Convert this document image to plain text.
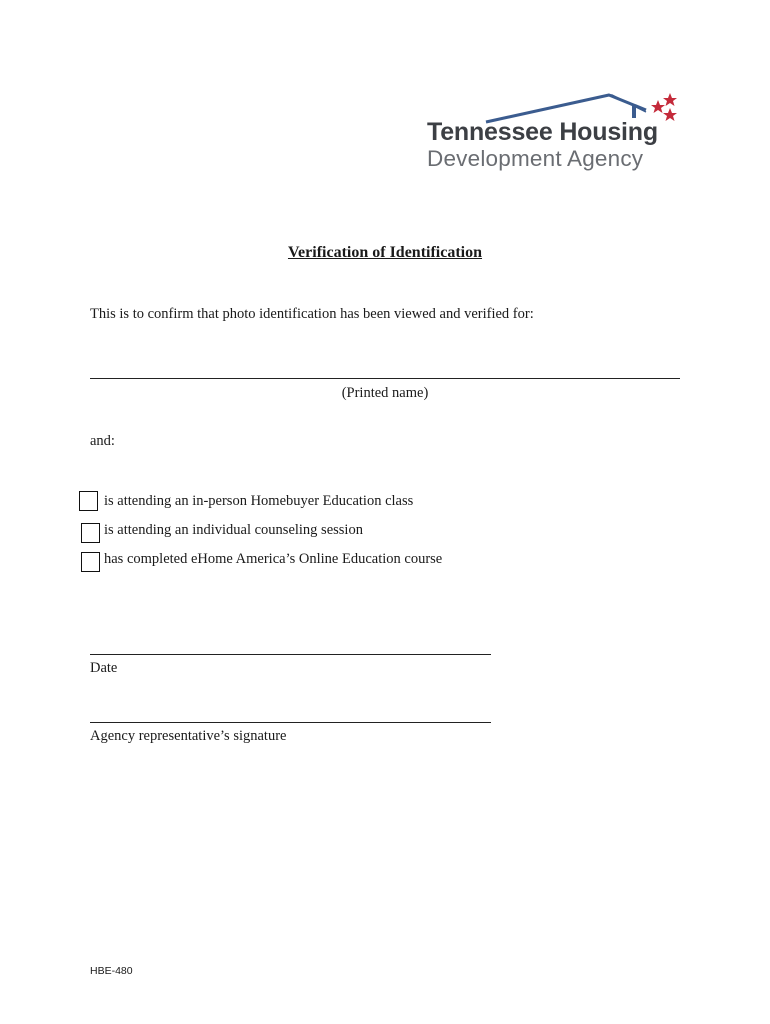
Tennessee Housing
Development Agency
Verification of Identification
This is to confirm that photo identification has been viewed and verified for:
(Printed name)
and:
is attending an in-person Homebuyer Education class
is attending an individual counseling session
has completed eHome America’s Online Education course
Date
Agency representative’s signature
HBE-480
